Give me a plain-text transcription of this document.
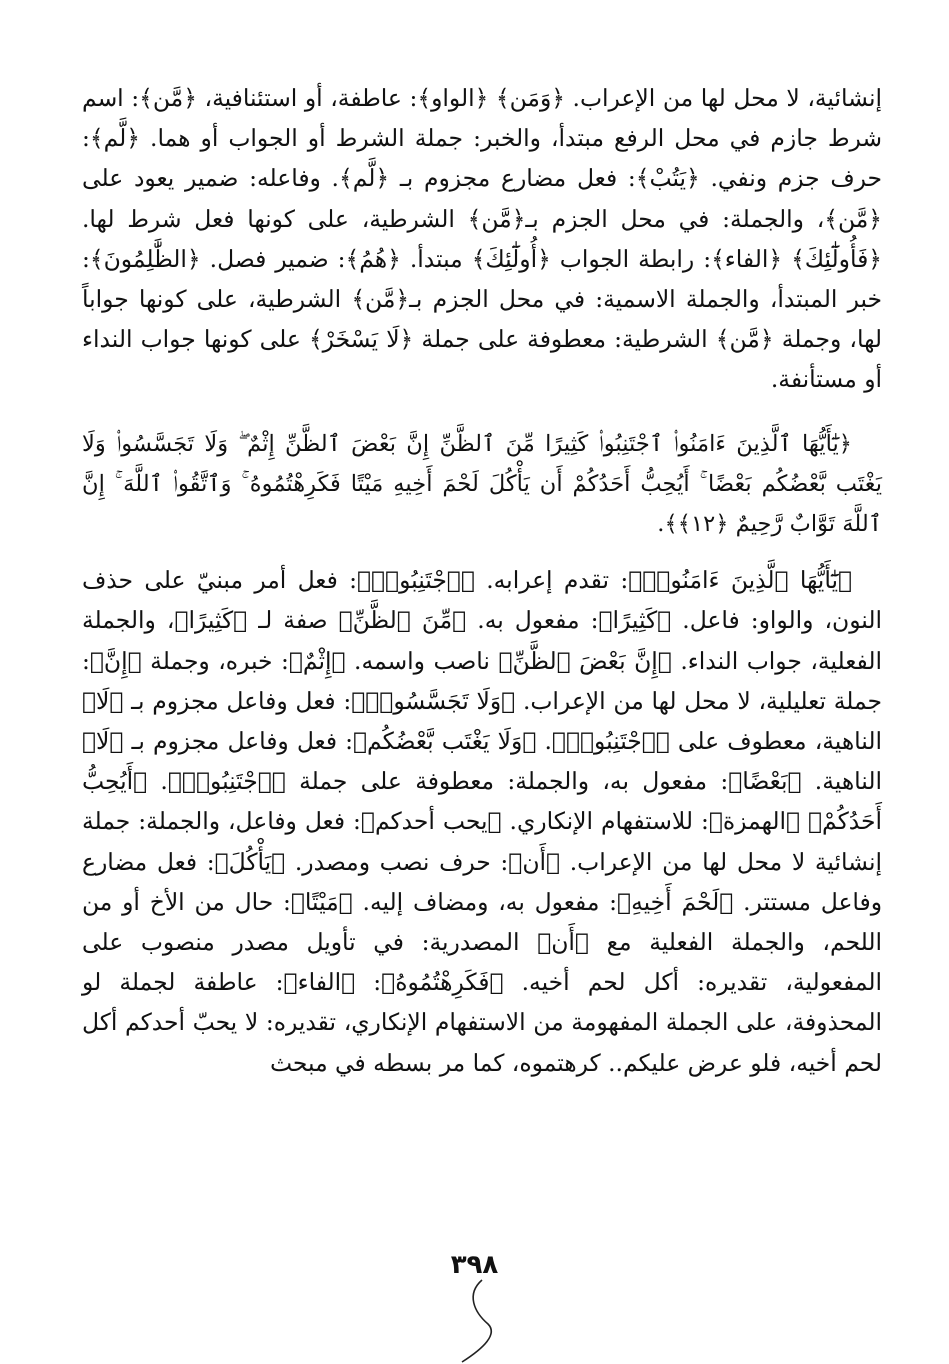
إنشائية، لا محل لها من الإعراب. ﴿وَمَن﴾ ﴿الواو﴾: عاطفة، أو استئنافية، ﴿مَّن﴾: اسم شرط جازم في محل الرفع مبتدأ، والخبر: جملة الشرط أو الجواب أو هما. ﴿لَّم﴾: حرف جزم ونفي. ﴿يَتُبْ﴾: فعل مضارع مجزوم بـ ﴿لَّم﴾. وفاعله: ضمير يعود على ﴿مَّن﴾، والجملة: في محل الجزم بـ﴿مَّن﴾ الشرطية، على كونها فعل شرط لها. ﴿فَأُولَٰٓئِكَ﴾ ﴿الفاء﴾: رابطة الجواب ﴿أُولَٰٓئِكَ﴾ مبتدأ. ﴿هُمُ﴾: ضمير فصل. ﴿الظَّٰلِمُونَ﴾: خبر المبتدأ، والجملة الاسمية: في محل الجزم بـ﴿مَّن﴾ الشرطية، على كونها جواباً لها، وجملة ﴿مَّن﴾ الشرطية: معطوفة على جملة ﴿لَا يَسْخَرْ﴾ على كونها جواب النداء أو مستأنفة.

﴿يَٰٓأَيُّهَا ٱلَّذِينَ ءَامَنُوا۟ ٱجْتَنِبُوا۟ كَثِيرًا مِّنَ ٱلظَّنِّ إِنَّ بَعْضَ ٱلظَّنِّ إِثْمٌ ۖ وَلَا تَجَسَّسُوا۟ وَلَا يَغْتَب بَّعْضُكُم بَعْضًا ۚ أَيُحِبُّ أَحَدُكُمْ أَن يَأْكُلَ لَحْمَ أَخِيهِ مَيْتًا فَكَرِهْتُمُوهُ ۚ وَٱتَّقُوا۟ ٱللَّهَ ۚ إِنَّ ٱللَّهَ تَوَّابٌ رَّحِيمٌ ﴿١٢﴾﴾.

﴿يَٰٓأَيُّهَا ٱلَّذِينَ ءَامَنُوا۟﴾: تقدم إعرابه. ﴿ٱجْتَنِبُوا۟﴾: فعل أمر مبنيّ على حذف النون، والواو: فاعل. ﴿كَثِيرًا﴾: مفعول به. ﴿مِّنَ ٱلظَّنِّ﴾ صفة لـ ﴿كَثِيرًا﴾، والجملة الفعلية، جواب النداء. ﴿إِنَّ بَعْضَ ٱلظَّنِّ﴾ ناصب واسمه. ﴿إِثْمٌ﴾: خبره، وجملة ﴿إِنَّ﴾: جملة تعليلية، لا محل لها من الإعراب. ﴿وَلَا تَجَسَّسُوا۟﴾: فعل وفاعل مجزوم بـ ﴿لَا﴾ الناهية، معطوف على ﴿ٱجْتَنِبُوا۟﴾. ﴿وَلَا يَغْتَب بَّعْضُكُم﴾: فعل وفاعل مجزوم بـ ﴿لَا﴾ الناهية. ﴿بَعْضًا﴾: مفعول به، والجملة: معطوفة على جملة ﴿ٱجْتَنِبُوا۟﴾. ﴿أَيُحِبُّ أَحَدُكُمْ﴾ ﴿الهمزة﴾: للاستفهام الإنكاري. ﴿يحب أحدكم﴾: فعل وفاعل، والجملة: جملة إنشائية لا محل لها من الإعراب. ﴿أَن﴾: حرف نصب ومصدر. ﴿يَأْكُلَ﴾: فعل مضارع وفاعل مستتر. ﴿لَحْمَ أَخِيهِ﴾: مفعول به، ومضاف إليه. ﴿مَيْتًا﴾: حال من الأخ أو من اللحم، والجملة الفعلية مع ﴿أَن﴾ المصدرية: في تأويل مصدر منصوب على المفعولية، تقديره: أكل لحم أخيه. ﴿فَكَرِهْتُمُوهُ﴾: ﴿الفاء﴾: عاطفة لجملة لو المحذوفة، على الجملة المفهومة من الاستفهام الإنكاري، تقديره: لا يحبّ أحدكم أكل لحم أخيه، فلو عرض عليكم.. كرهتموه، كما مر بسطه في مبحث

٣٩٨
